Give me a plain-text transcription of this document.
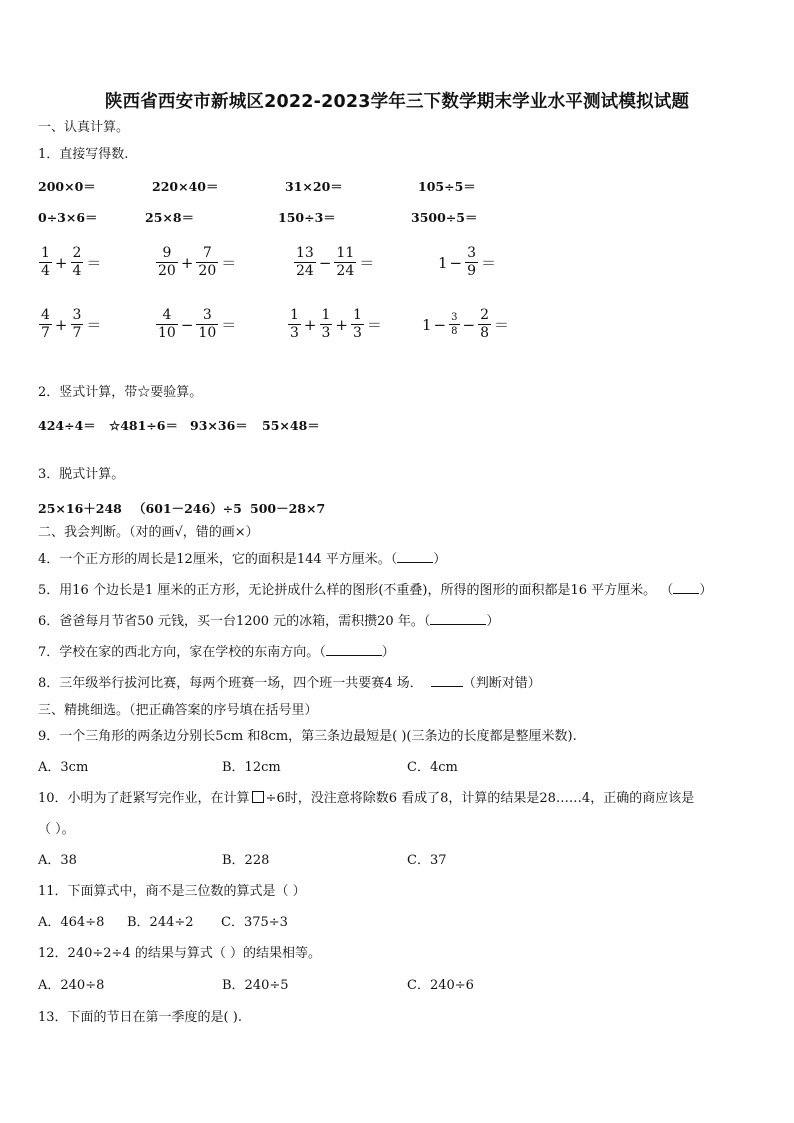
陕西省西安市新城区2022-2023学年三下数学期末学业水平测试模拟试题
一、认真计算。
1．直接写得数.
200×0＝	220×40＝	31×20＝	105÷5＝
0÷3×6＝	25×8＝	150÷3＝	3500÷5＝
$\frac{1}{4} + \frac{2}{4}$ ＝	$\frac{9}{20} + \frac{7}{20}$ ＝	$\frac{13}{24} - \frac{11}{24}$ ＝	$1 - \frac{3}{9}$ ＝
$\frac{4}{7} + \frac{3}{7}$ ＝	$\frac{4}{10} - \frac{3}{10}$ ＝	$\frac{1}{3} + \frac{1}{3} + \frac{1}{3}$ ＝	$1 - \frac{3}{8} - \frac{2}{8}$ ＝
2．竖式计算，带☆要验算。
424÷4＝ ☆481÷6＝ 93×36＝ 55×48＝
3．脱式计算。
25×16＋248 （601－246）÷5 500－28×7
二、我会判断。（对的画√，错的画×）
4．一个正方形的周长是12厘米，它的面积是144 平方厘米。（	）
5．用16 个边长是1 厘米的正方形，无论拼成什么样的图形(不重叠)，所得的图形的面积都是16 平方厘米。 （ ）
6．爸爸每月节省50 元钱，买一台1200 元的冰箱，需积攒20 年。（	）
7．学校在家的西北方向，家在学校的东南方向。（	）
8．三年级举行拔河比赛，每两个班赛一场，四个班一共要赛4 场．	（判断对错）
三、精挑细选。（把正确答案的序号填在括号里）
9．一个三角形的两条边分别长5cm 和8cm，第三条边最短是( )(三条边的长度都是整厘米数).
A．3cm	B．12cm	C．4cm
10．小明为了赶紧写完作业，在计算 ÷6时，没注意将除数6 看成了8，计算的结果是28……4，正确的商应该是
（ ）。
A．38	B．228	C．37
11．下面算式中，商不是三位数的算式是（ ）
A．464÷8 B．244÷2 C．375÷3
12．240÷2÷4 的结果与算式（ ）的结果相等。
A．240÷8	B．240÷5	C．240÷6
13．下面的节日在第一季度的是( ).
